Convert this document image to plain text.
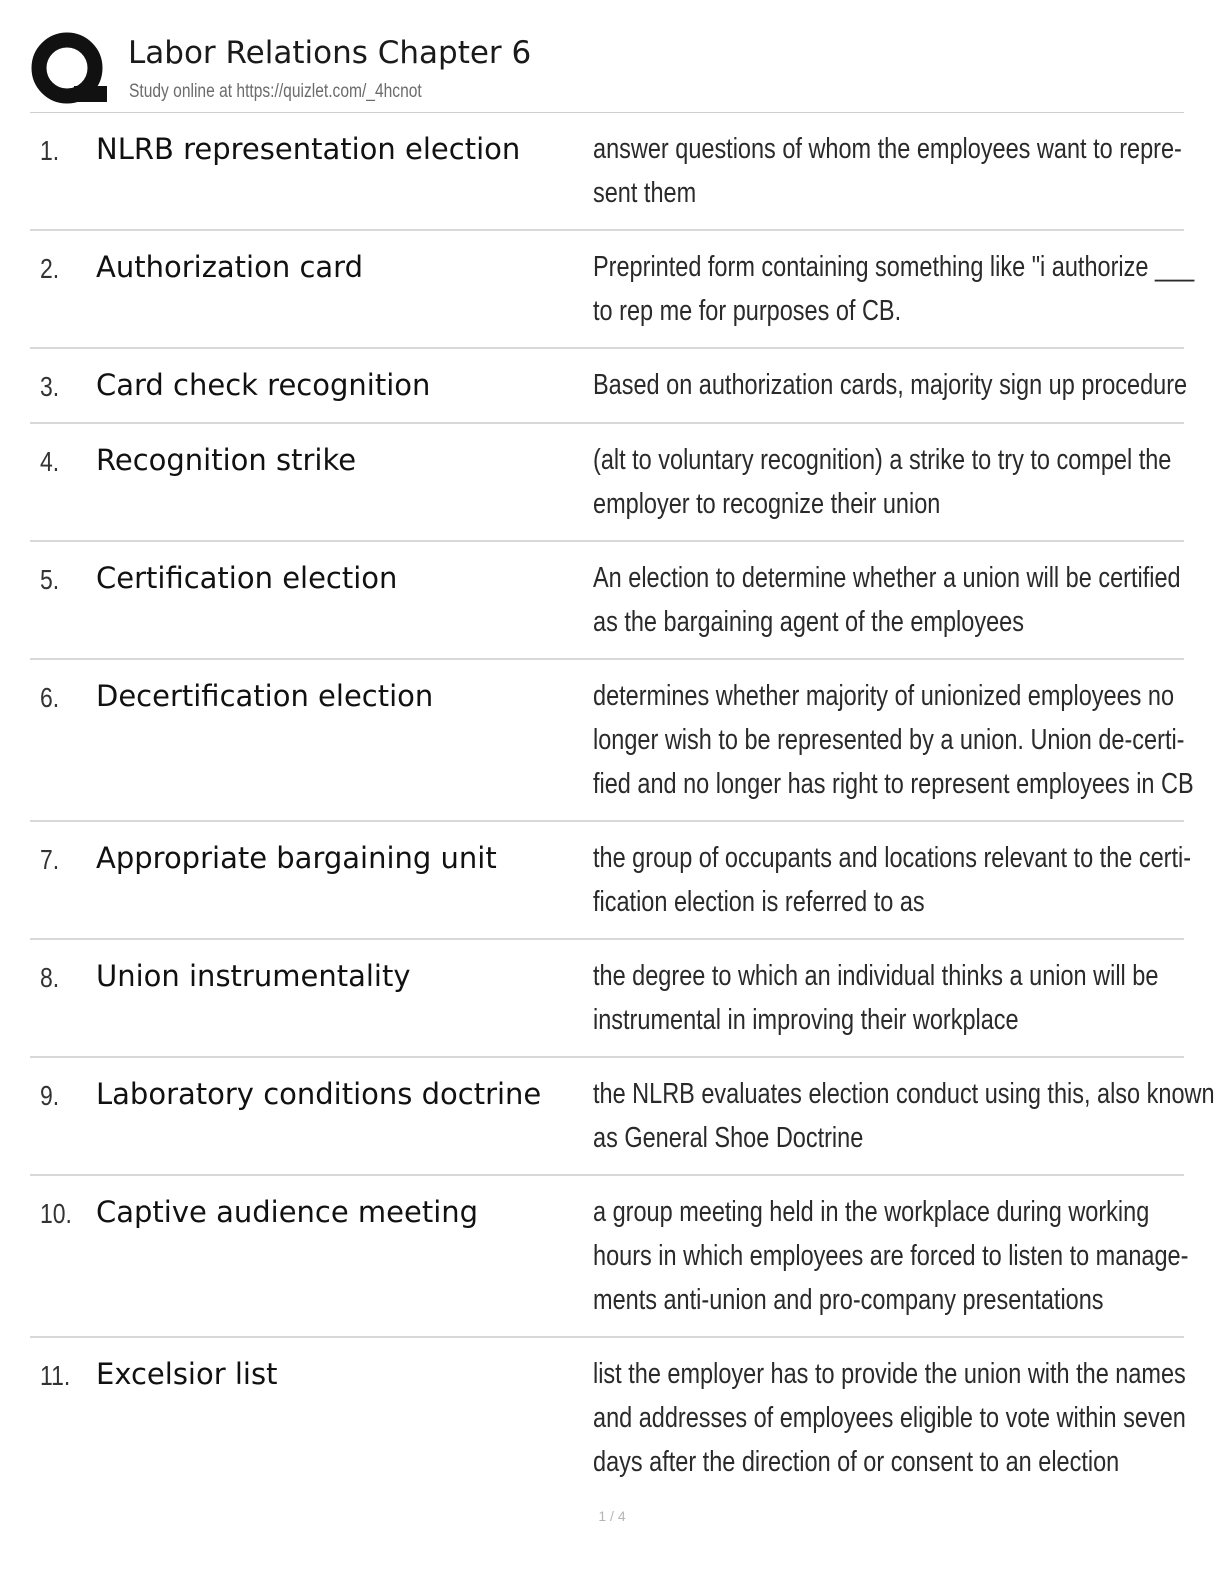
Labor Relations Chapter 6
Study online at https://quizlet.com/_4hcnot
1. NLRB representation election	answer questions of whom the employees want to repre-
sent them
2. Authorization card	Preprinted form containing something like "i authorize ___
to rep me for purposes of CB.
3. Card check recognition	Based on authorization cards, majority sign up procedure
4. Recognition strike	(alt to voluntary recognition) a strike to try to compel the
employer to recognize their union
5. Certification election	An election to determine whether a union will be certified
as the bargaining agent of the employees
6. Decertification election	determines whether majority of unionized employees no
longer wish to be represented by a union. Union de-certi-
fied and no longer has right to represent employees in CB
7. Appropriate bargaining unit	the group of occupants and locations relevant to the certi-
fication election is referred to as
8. Union instrumentality	the degree to which an individual thinks a union will be
instrumental in improving their workplace
9. Laboratory conditions doctrine	the NLRB evaluates election conduct using this, also known
as General Shoe Doctrine
10. Captive audience meeting	a group meeting held in the workplace during working
hours in which employees are forced to listen to manage-
ments anti-union and pro-company presentations
11. Excelsior list	list the employer has to provide the union with the names
and addresses of employees eligible to vote within seven
days after the direction of or consent to an election
1 / 4
